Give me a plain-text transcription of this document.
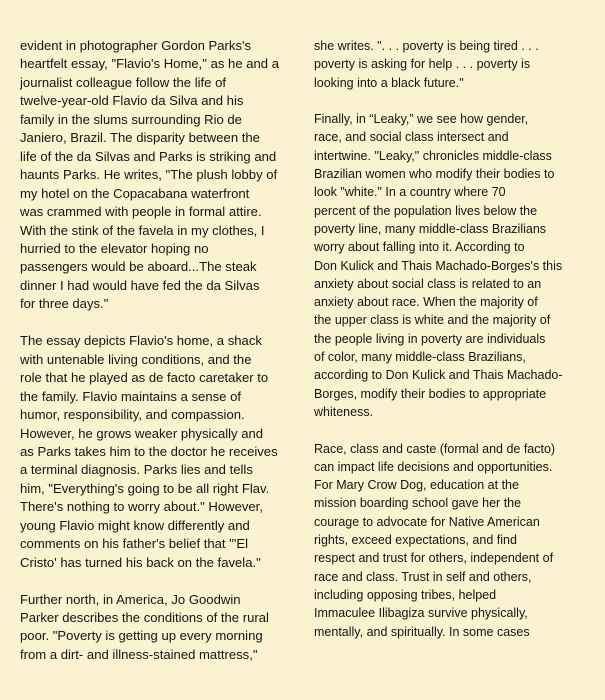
evident in photographer Gordon Parks's
heartfelt essay, "Flavio's Home," as he and a
journalist colleague follow the life of
twelve-year-old Flavio da Silva and his
family in the slums surrounding Rio de
Janiero, Brazil. The disparity between the
life of the da Silvas and Parks is striking and
haunts Parks. He writes, "The plush lobby of
my hotel on the Copacabana waterfront
was crammed with people in formal attire.
With the stink of the favela in my clothes, I
hurried to the elevator hoping no
passengers would be aboard...The steak
dinner I had would have fed the da Silvas
for three days."
The essay depicts Flavio's home, a shack
with untenable living conditions, and the
role that he played as de facto caretaker to
the family. Flavio maintains a sense of
humor, responsibility, and compassion.
However, he grows weaker physically and
as Parks takes him to the doctor he receives
a terminal diagnosis. Parks lies and tells
him, "Everything's going to be all right Flav.
There's nothing to worry about." However,
young Flavio might know differently and
comments on his father's belief that "'El
Cristo' has turned his back on the favela."
Further north, in America, Jo Goodwin
Parker describes the conditions of the rural
poor. "Poverty is getting up every morning
from a dirt- and illness-stained mattress,"
she writes. ". . . poverty is being tired . . .
poverty is asking for help . . . poverty is
looking into a black future."
Finally, in “Leaky,” we see how gender,
race, and social class intersect and
intertwine. "Leaky," chronicles middle-class
Brazilian women who modify their bodies to
look "white." In a country where 70
percent of the population lives below the
poverty line, many middle-class Brazilians
worry about falling into it. According to
Don Kulick and Thais Machado-Borges's this
anxiety about social class is related to an
anxiety about race. When the majority of
the upper class is white and the majority of
the people living in poverty are individuals
of color, many middle-class Brazilians,
according to Don Kulick and Thais Machado-
Borges, modify their bodies to appropriate
whiteness.
Race, class and caste (formal and de facto)
can impact life decisions and opportunities.
For Mary Crow Dog, education at the
mission boarding school gave her the
courage to advocate for Native American
rights, exceed expectations, and find
respect and trust for others, independent of
race and class. Trust in self and others,
including opposing tribes, helped
Immaculee Ilibagiza survive physically,
mentally, and spiritually. In some cases
